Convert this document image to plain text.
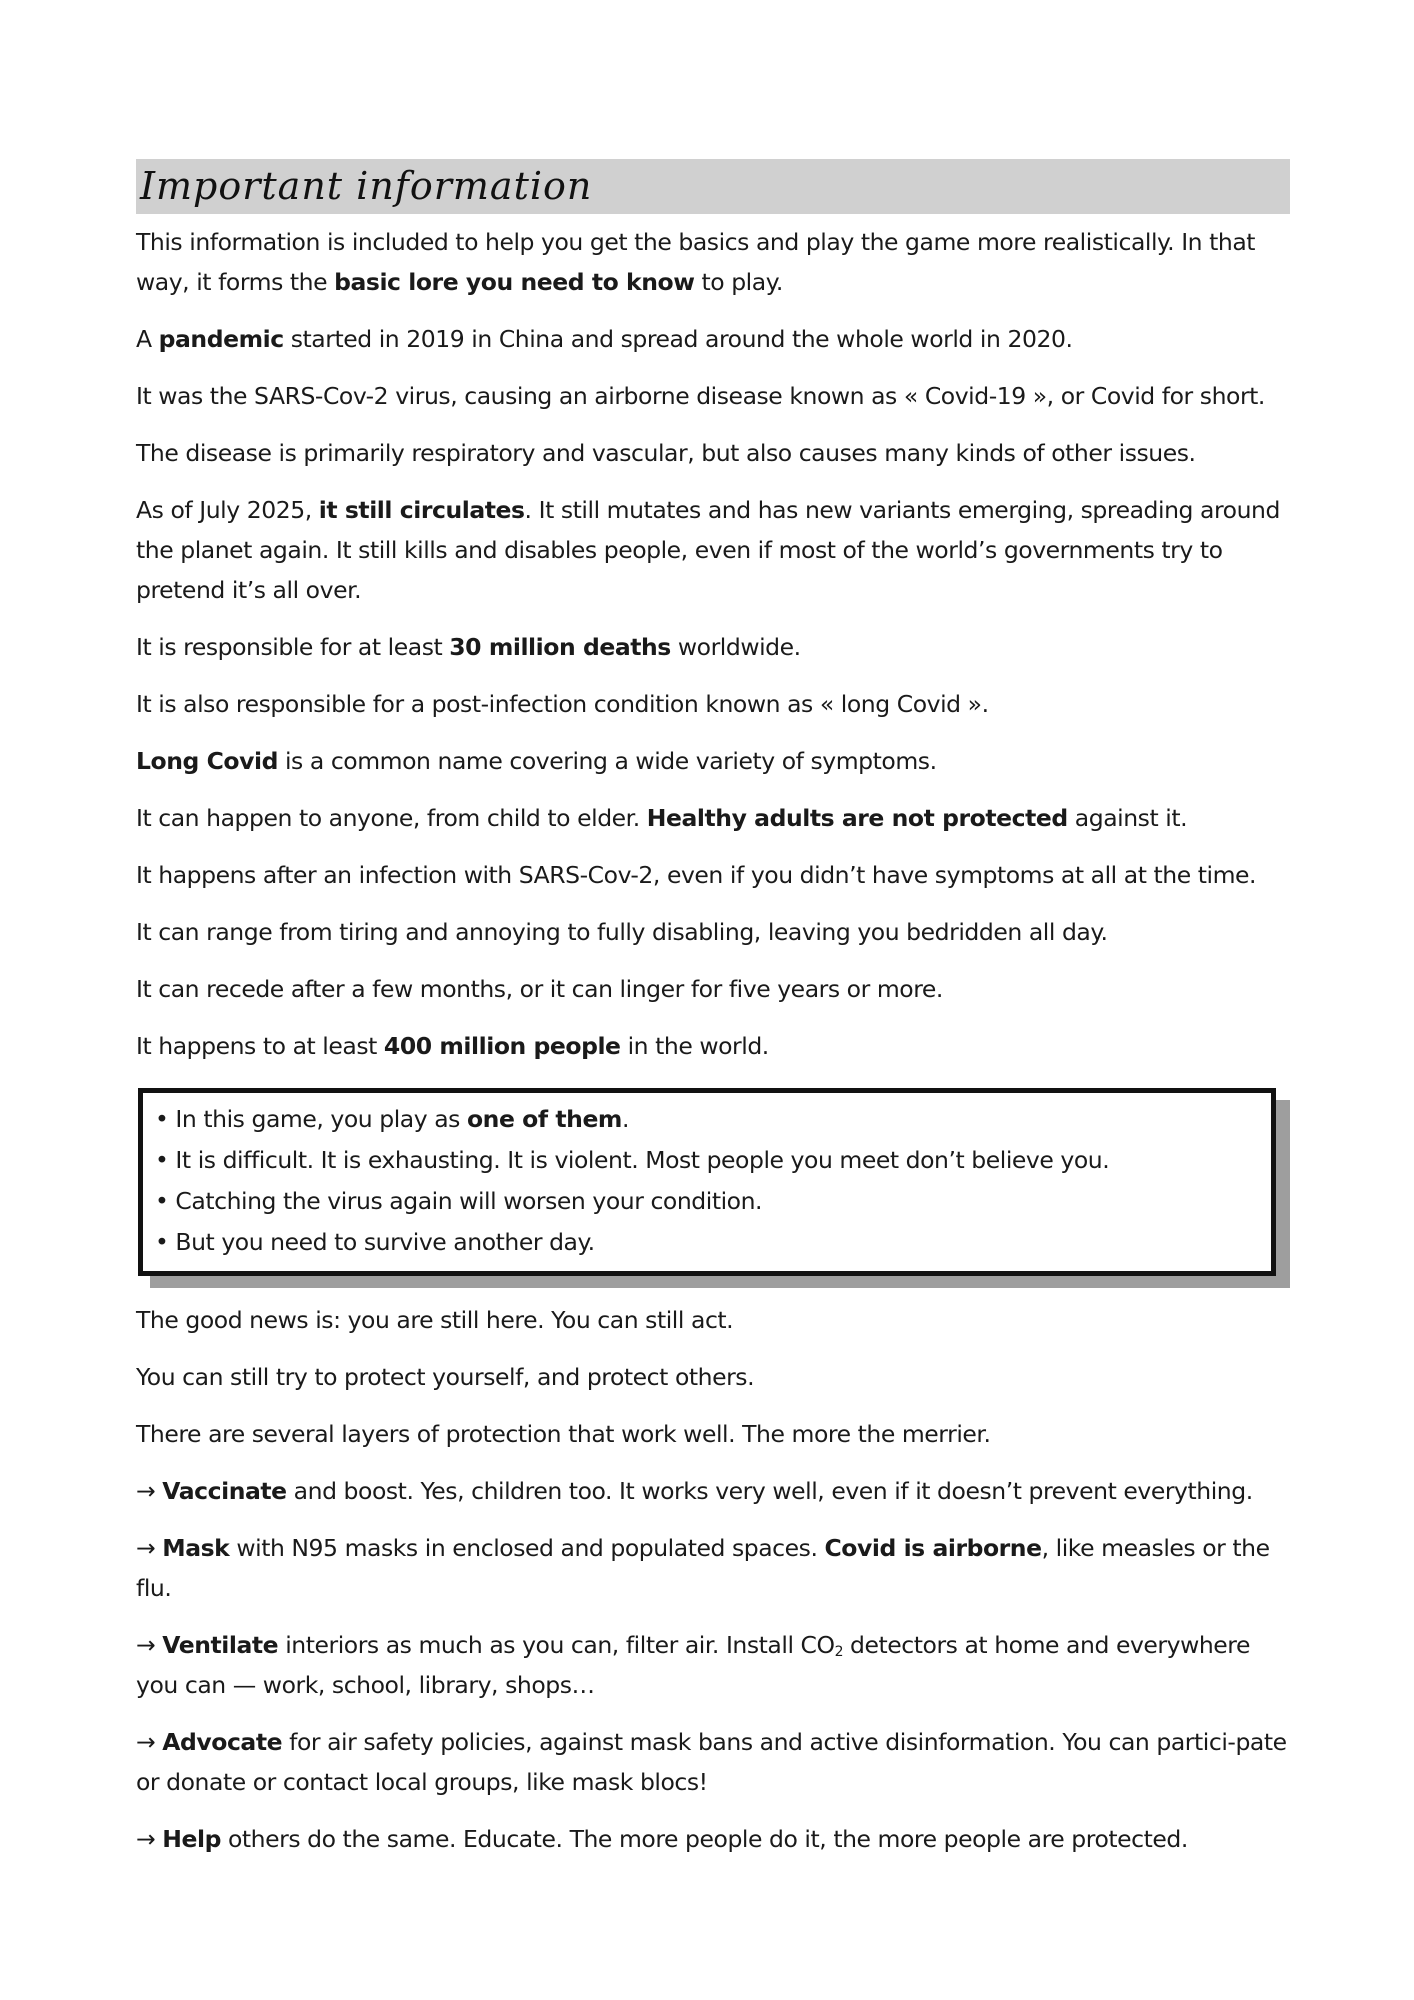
Important information

This information is included to help you get the basics and play the game more realistically. In that way, it forms the basic lore you need to know to play.

A pandemic started in 2019 in China and spread around the whole world in 2020.

It was the SARS-Cov-2 virus, causing an airborne disease known as « Covid-19 », or Covid for short.

The disease is primarily respiratory and vascular, but also causes many kinds of other issues.

As of July 2025, it still circulates. It still mutates and has new variants emerging, spreading around the planet again. It still kills and disables people, even if most of the world’s governments try to pretend it’s all over.

It is responsible for at least 30 million deaths worldwide.

It is also responsible for a post-infection condition known as « long Covid ».

Long Covid is a common name covering a wide variety of symptoms.

It can happen to anyone, from child to elder. Healthy adults are not protected against it.

It happens after an infection with SARS-Cov-2, even if you didn’t have symptoms at all at the time.

It can range from tiring and annoying to fully disabling, leaving you bedridden all day.

It can recede after a few months, or it can linger for five years or more.

It happens to at least 400 million people in the world.

• In this game, you play as one of them.
• It is difficult. It is exhausting. It is violent. Most people you meet don’t believe you.
• Catching the virus again will worsen your condition.
• But you need to survive another day.

The good news is: you are still here. You can still act.

You can still try to protect yourself, and protect others.

There are several layers of protection that work well. The more the merrier.

→ Vaccinate and boost. Yes, children too. It works very well, even if it doesn’t prevent everything.

→ Mask with N95 masks in enclosed and populated spaces. Covid is airborne, like measles or the flu.

→ Ventilate interiors as much as you can, filter air. Install $CO_2$ detectors at home and everywhere you can — work, school, library, shops…

→ Advocate for air safety policies, against mask bans and active disinformation. You can partici-pate or donate or contact local groups, like mask blocs!

→ Help others do the same. Educate. The more people do it, the more people are protected.
